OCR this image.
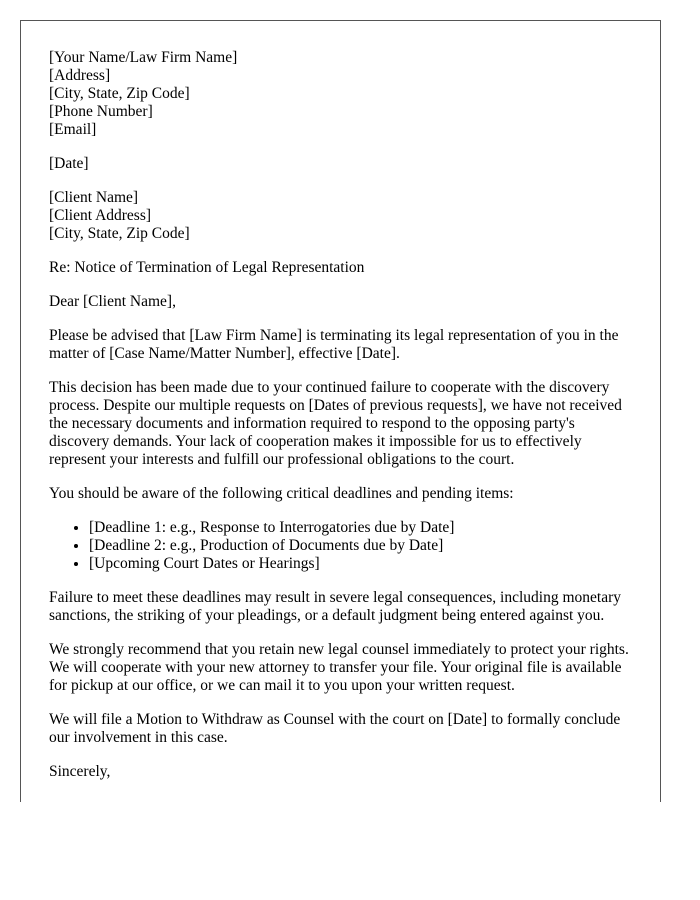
[Your Name/Law Firm Name]
[Address]
[City, State, Zip Code]
[Phone Number]
[Email]
[Date]
[Client Name]
[Client Address]
[City, State, Zip Code]

Re: Notice of Termination of Legal Representation

Dear [Client Name],

Please be advised that [Law Firm Name] is terminating its legal representation of you in the matter of [Case Name/Matter Number], effective [Date].

This decision has been made due to your continued failure to cooperate with the discovery process. Despite our multiple requests on [Dates of previous requests], we have not received the necessary documents and information required to respond to the opposing party's discovery demands. Your lack of cooperation makes it impossible for us to effectively represent your interests and fulfill our professional obligations to the court.

You should be aware of the following critical deadlines and pending items:

• [Deadline 1: e.g., Response to Interrogatories due by Date]
• [Deadline 2: e.g., Production of Documents due by Date]
• [Upcoming Court Dates or Hearings]

Failure to meet these deadlines may result in severe legal consequences, including monetary sanctions, the striking of your pleadings, or a default judgment being entered against you.

We strongly recommend that you retain new legal counsel immediately to protect your rights. We will cooperate with your new attorney to transfer your file. Your original file is available for pickup at our office, or we can mail it to you upon your written request.

We will file a Motion to Withdraw as Counsel with the court on [Date] to formally conclude our involvement in this case.

Sincerely,
